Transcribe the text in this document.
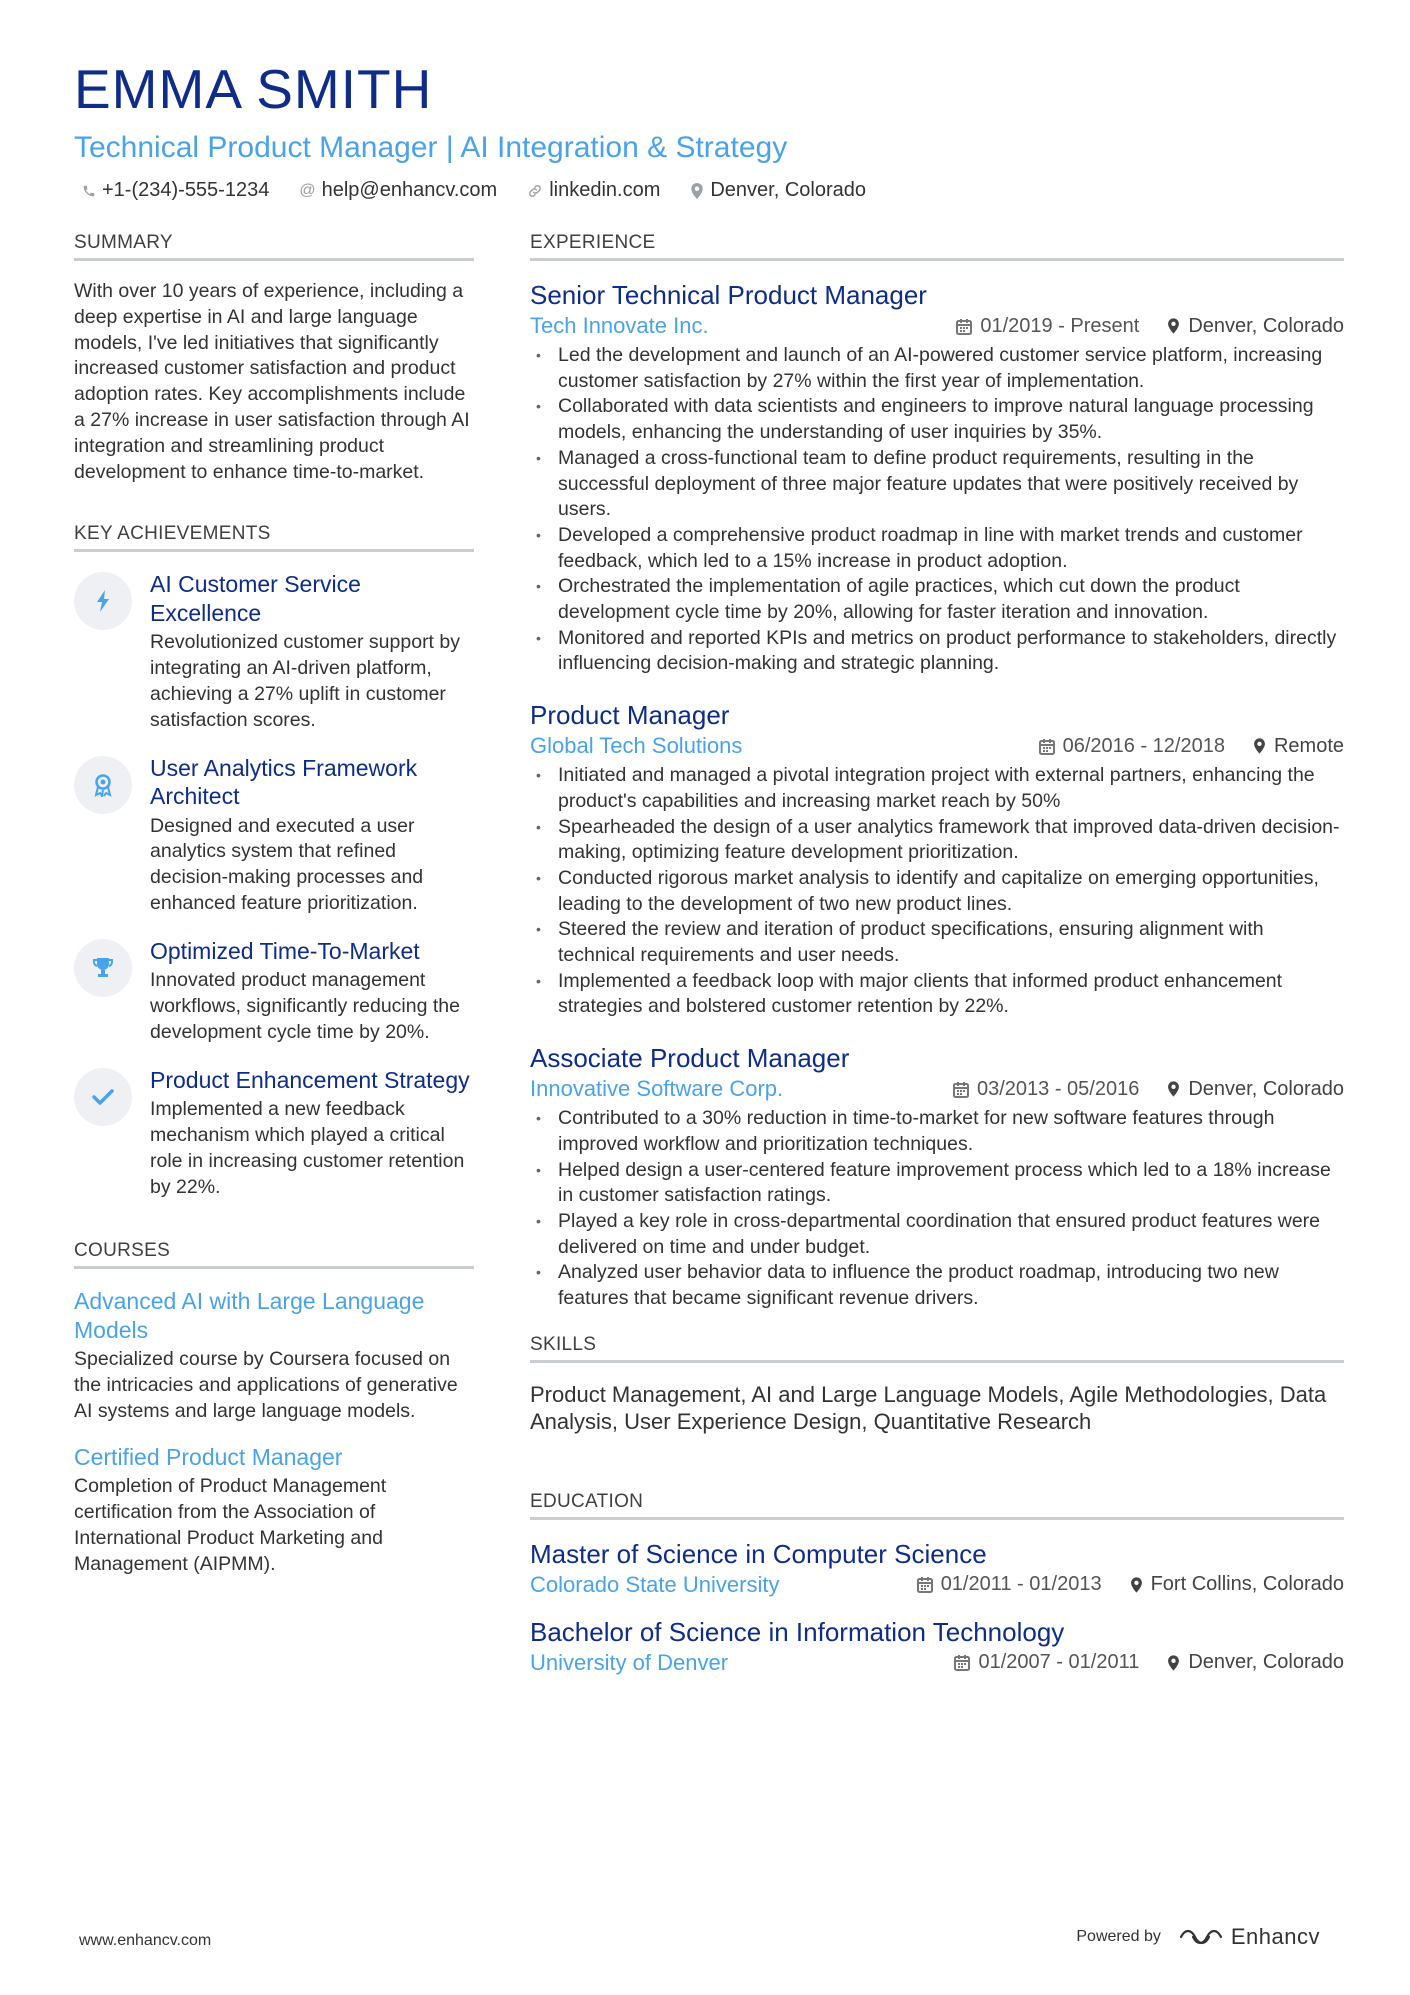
EMMA SMITH
Technical Product Manager | AI Integration & Strategy
+1-(234)-555-1234 @ help@enhancv.com	linkedin.com	Denver, Colorado
SUMMARY
With over 10 years of experience, including a deep expertise in AI and large language models, I've led initiatives that significantly increased customer satisfaction and product adoption rates. Key accomplishments include a 27% increase in user satisfaction through AI integration and streamlining product development to enhance time-to-market.
KEY ACHIEVEMENTS
AI Customer Service Excellence
Revolutionized customer support by integrating an AI-driven platform, achieving a 27% uplift in customer satisfaction scores.
User Analytics Framework Architect
Designed and executed a user analytics system that refined decision-making processes and enhanced feature prioritization.
Optimized Time-To-Market
Innovated product management workflows, significantly reducing the development cycle time by 20%.
Product Enhancement Strategy
Implemented a new feedback mechanism which played a critical role in increasing customer retention by 22%.
COURSES
Advanced AI with Large Language Models
Specialized course by Coursera focused on the intricacies and applications of generative AI systems and large language models.
Certified Product Manager
Completion of Product Management certification from the Association of International Product Marketing and Management (AIPMM).
EXPERIENCE
Senior Technical Product Manager
Tech Innovate Inc.	01/2019 - Present Denver, Colorado
• Led the development and launch of an AI-powered customer service platform, increasing customer satisfaction by 27% within the first year of implementation.
• Collaborated with data scientists and engineers to improve natural language processing models, enhancing the understanding of user inquiries by 35%.
• Managed a cross-functional team to define product requirements, resulting in the successful deployment of three major feature updates that were positively received by users.
• Developed a comprehensive product roadmap in line with market trends and customer feedback, which led to a 15% increase in product adoption.
• Orchestrated the implementation of agile practices, which cut down the product development cycle time by 20%, allowing for faster iteration and innovation.
• Monitored and reported KPIs and metrics on product performance to stakeholders, directly influencing decision-making and strategic planning.
Product Manager
Global Tech Solutions	06/2016 - 12/2018 Remote
• Initiated and managed a pivotal integration project with external partners, enhancing the product's capabilities and increasing market reach by 50%
• Spearheaded the design of a user analytics framework that improved data-driven decision-making, optimizing feature development prioritization.
• Conducted rigorous market analysis to identify and capitalize on emerging opportunities, leading to the development of two new product lines.
• Steered the review and iteration of product specifications, ensuring alignment with technical requirements and user needs.
• Implemented a feedback loop with major clients that informed product enhancement strategies and bolstered customer retention by 22%.
Associate Product Manager
Innovative Software Corp.	03/2013 - 05/2016 Denver, Colorado
• Contributed to a 30% reduction in time-to-market for new software features through improved workflow and prioritization techniques.
• Helped design a user-centered feature improvement process which led to a 18% increase in customer satisfaction ratings.
• Played a key role in cross-departmental coordination that ensured product features were delivered on time and under budget.
• Analyzed user behavior data to influence the product roadmap, introducing two new features that became significant revenue drivers.
SKILLS
Product Management, AI and Large Language Models, Agile Methodologies, Data Analysis, User Experience Design, Quantitative Research
EDUCATION
Master of Science in Computer Science
Colorado State University	01/2011 - 01/2013 Fort Collins, Colorado
Bachelor of Science in Information Technology
University of Denver	01/2007 - 01/2011 Denver, Colorado
www.enhancv.com	Powered by	Enhancv
